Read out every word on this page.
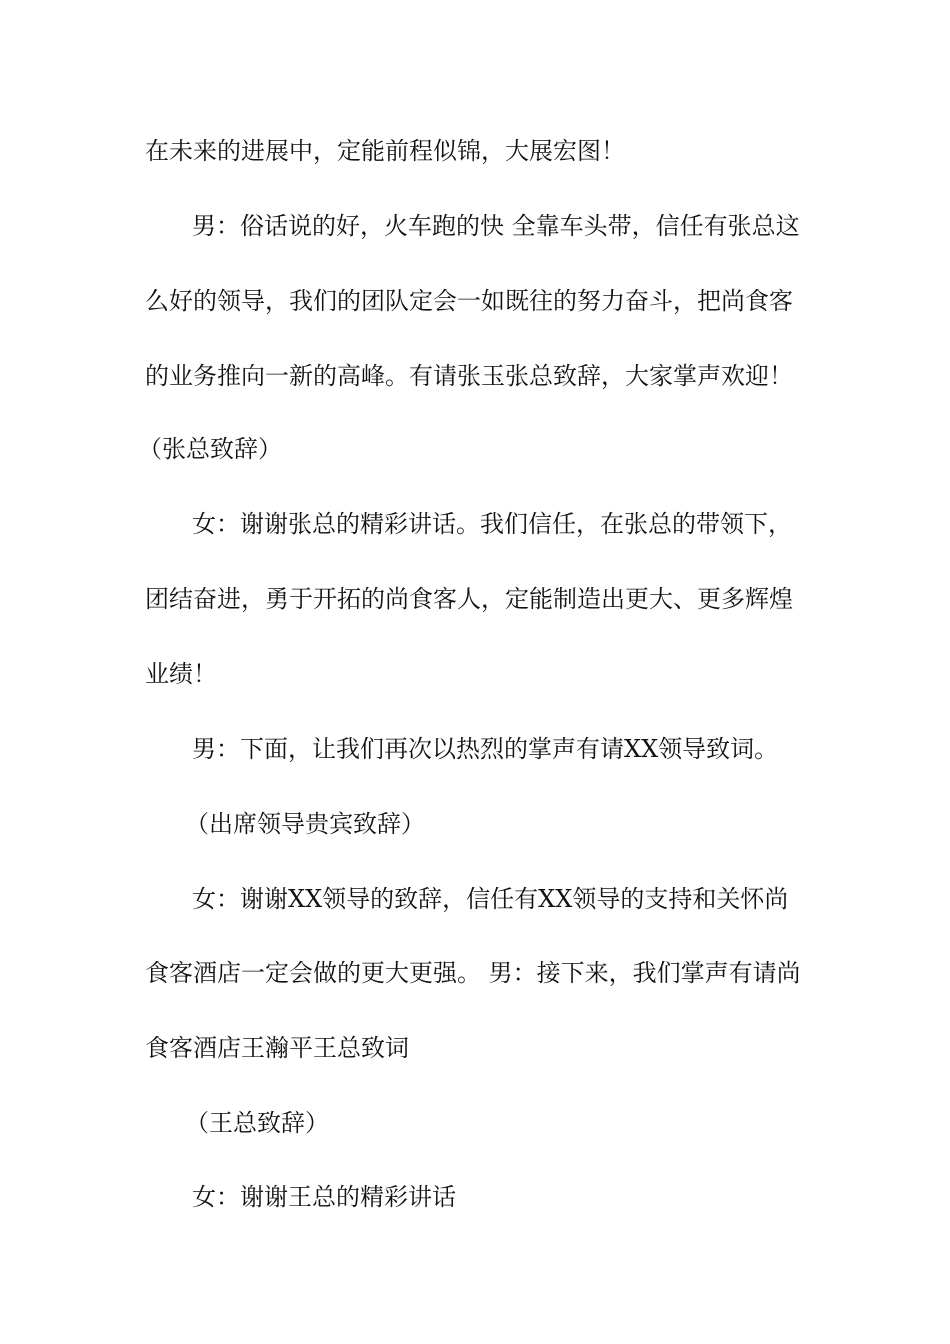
在未来的进展中，定能前程似锦，大展宏图！
男：俗话说的好，火车跑的快 全靠车头带，信任有张总这
么好的领导，我们的团队定会一如既往的努力奋斗，把尚食客
的业务推向一新的高峰。有请张玉张总致辞，大家掌声欢迎！
（张总致辞）
女：谢谢张总的精彩讲话。我们信任，在张总的带领下，
团结奋进，勇于开拓的尚食客人，定能制造出更大、更多辉煌
业绩！
男：下面，让我们再次以热烈的掌声有请XX领导致词。
（出席领导贵宾致辞）
女：谢谢XX领导的致辞，信任有XX领导的支持和关怀尚
食客酒店一定会做的更大更强。 男：接下来，我们掌声有请尚
食客酒店王瀚平王总致词
（王总致辞）
女：谢谢王总的精彩讲话
